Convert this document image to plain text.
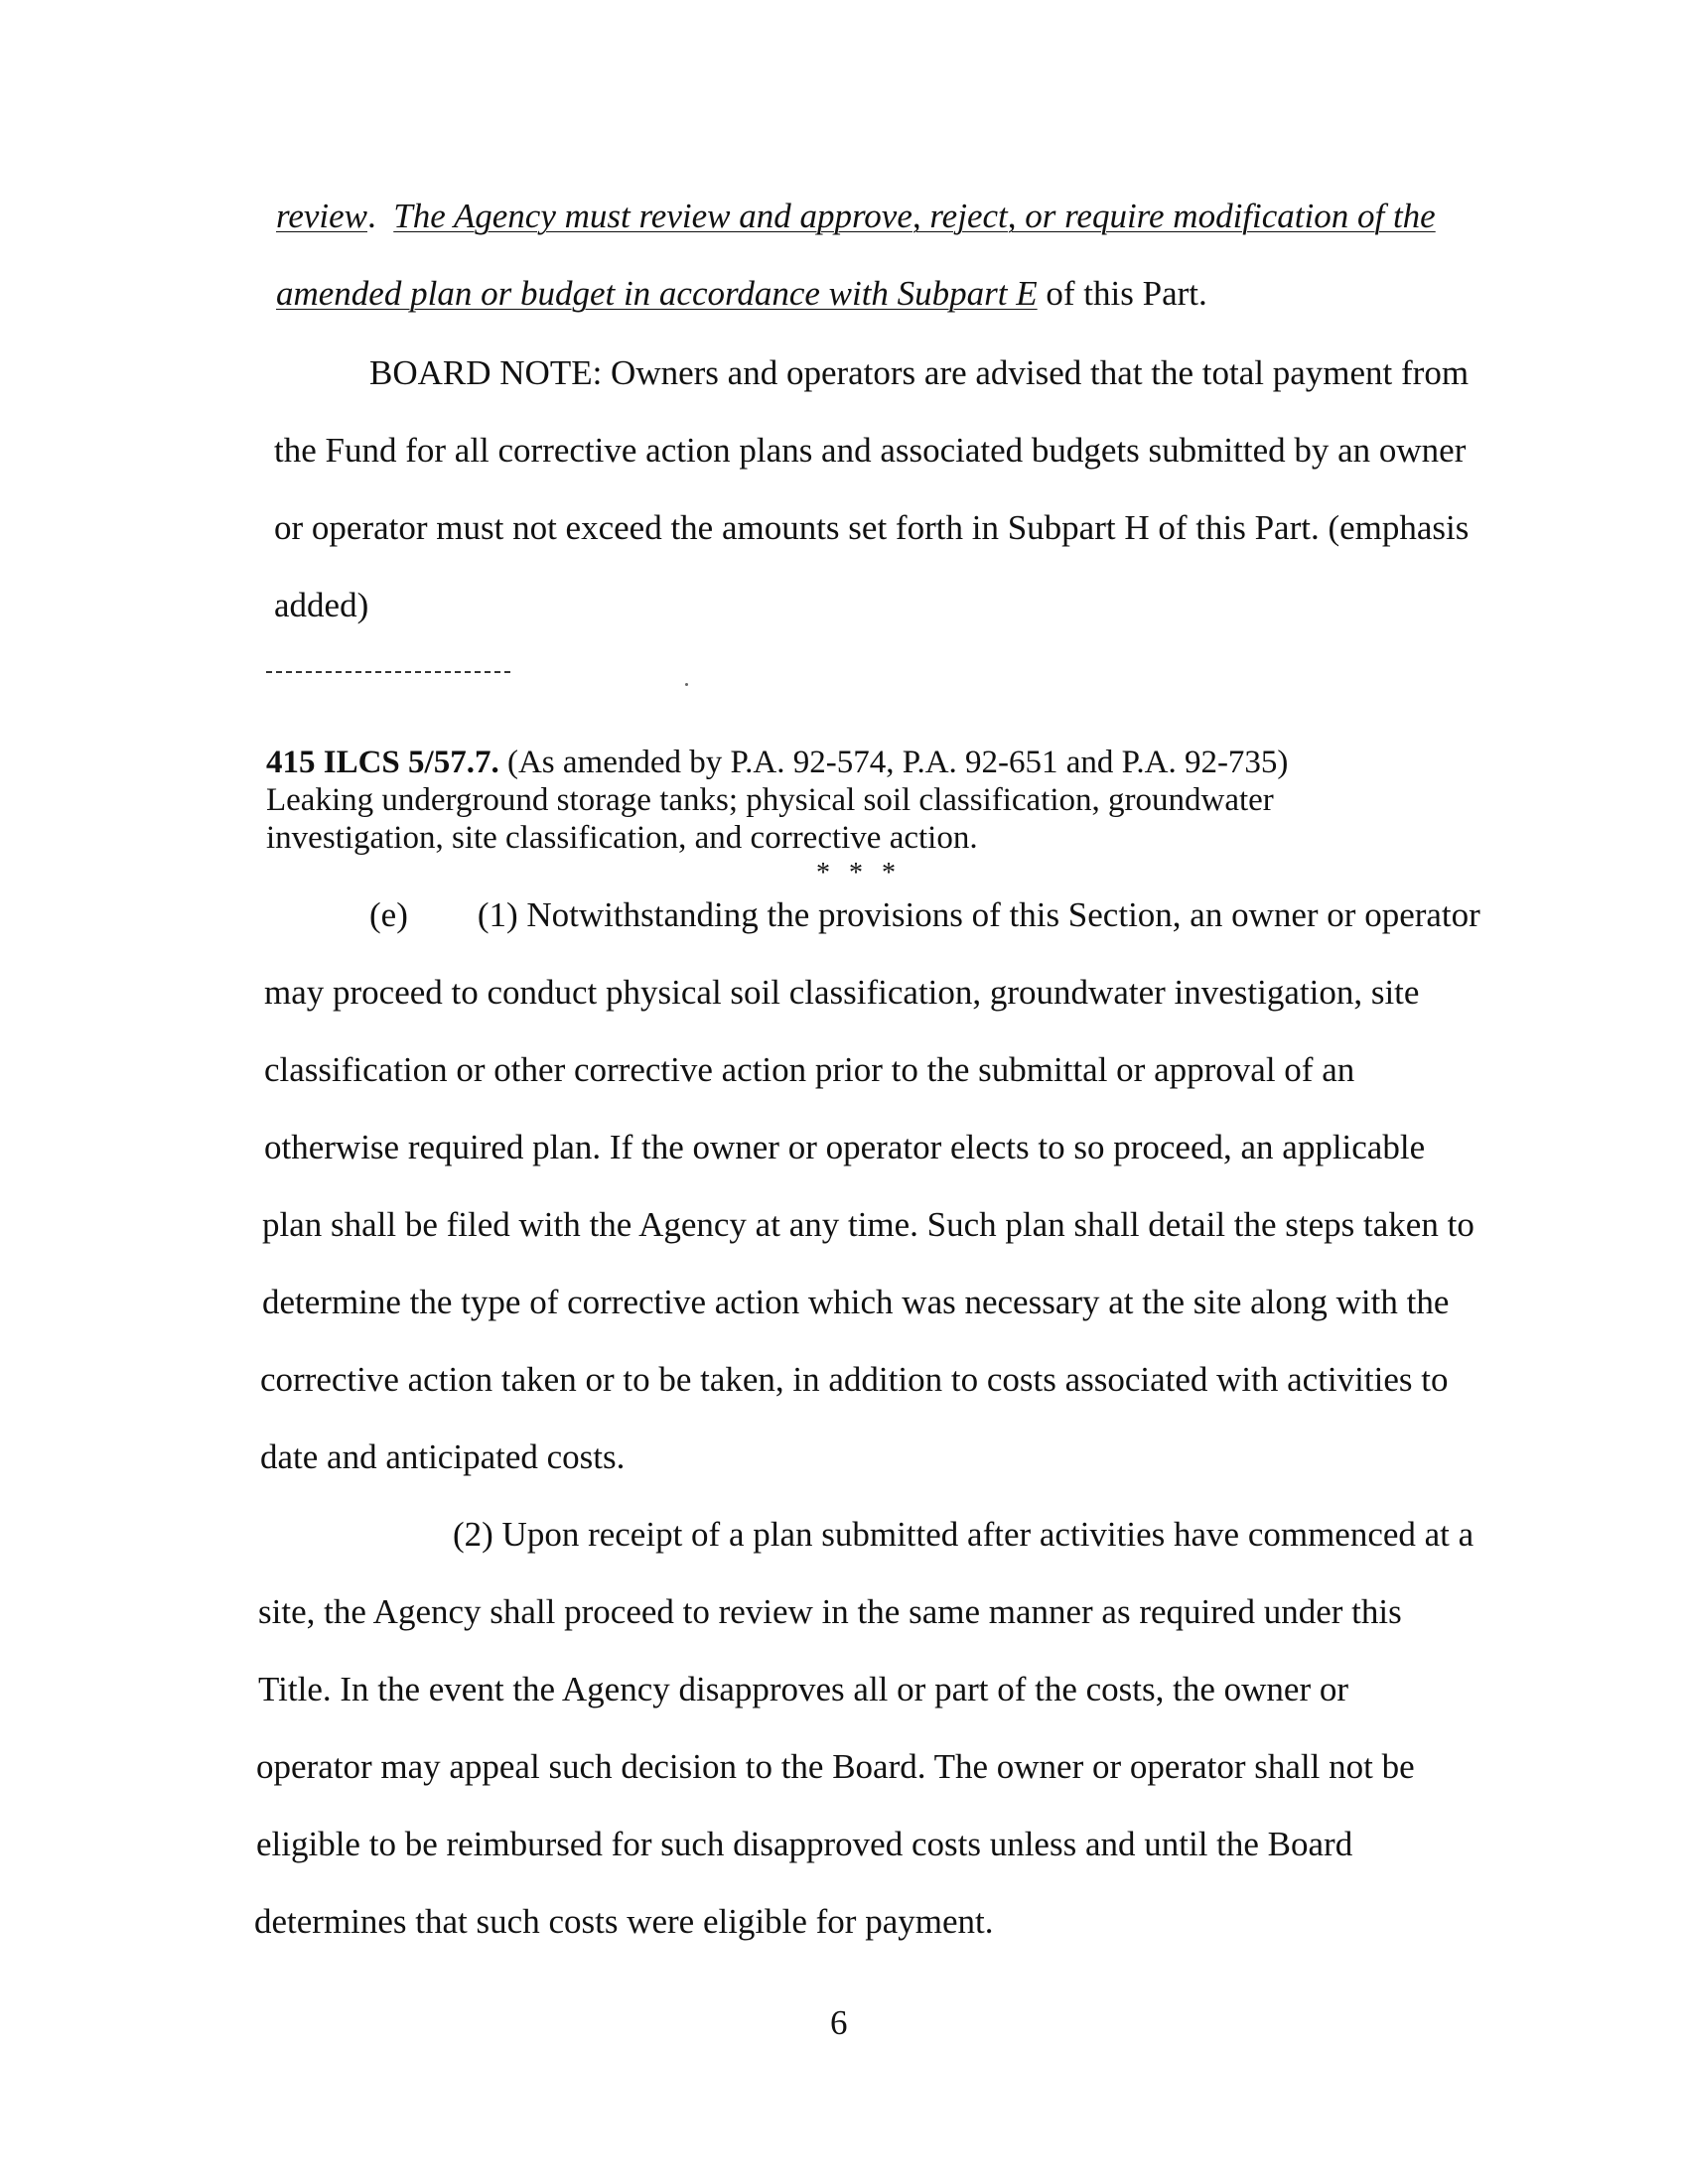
review.  The Agency must review and approve, reject, or require modification of the
amended plan or budget in accordance with Subpart E of this Part.
BOARD NOTE: Owners and operators are advised that the total payment from
the Fund for all corrective action plans and associated budgets submitted by an owner
or operator must not exceed the amounts set forth in Subpart H of this Part. (emphasis
added)
415 ILCS 5/57.7. (As amended by P.A. 92-574, P.A. 92-651 and P.A. 92-735)
Leaking underground storage tanks; physical soil classification, groundwater
investigation, site classification, and corrective action.
* * *
(e)        (1) Notwithstanding the provisions of this Section, an owner or operator
may proceed to conduct physical soil classification, groundwater investigation, site
classification or other corrective action prior to the submittal or approval of an
otherwise required plan. If the owner or operator elects to so proceed, an applicable
plan shall be filed with the Agency at any time. Such plan shall detail the steps taken to
determine the type of corrective action which was necessary at the site along with the
corrective action taken or to be taken, in addition to costs associated with activities to
date and anticipated costs.
(2) Upon receipt of a plan submitted after activities have commenced at a
site, the Agency shall proceed to review in the same manner as required under this
Title. In the event the Agency disapproves all or part of the costs, the owner or
operator may appeal such decision to the Board. The owner or operator shall not be
eligible to be reimbursed for such disapproved costs unless and until the Board
determines that such costs were eligible for payment.
6
